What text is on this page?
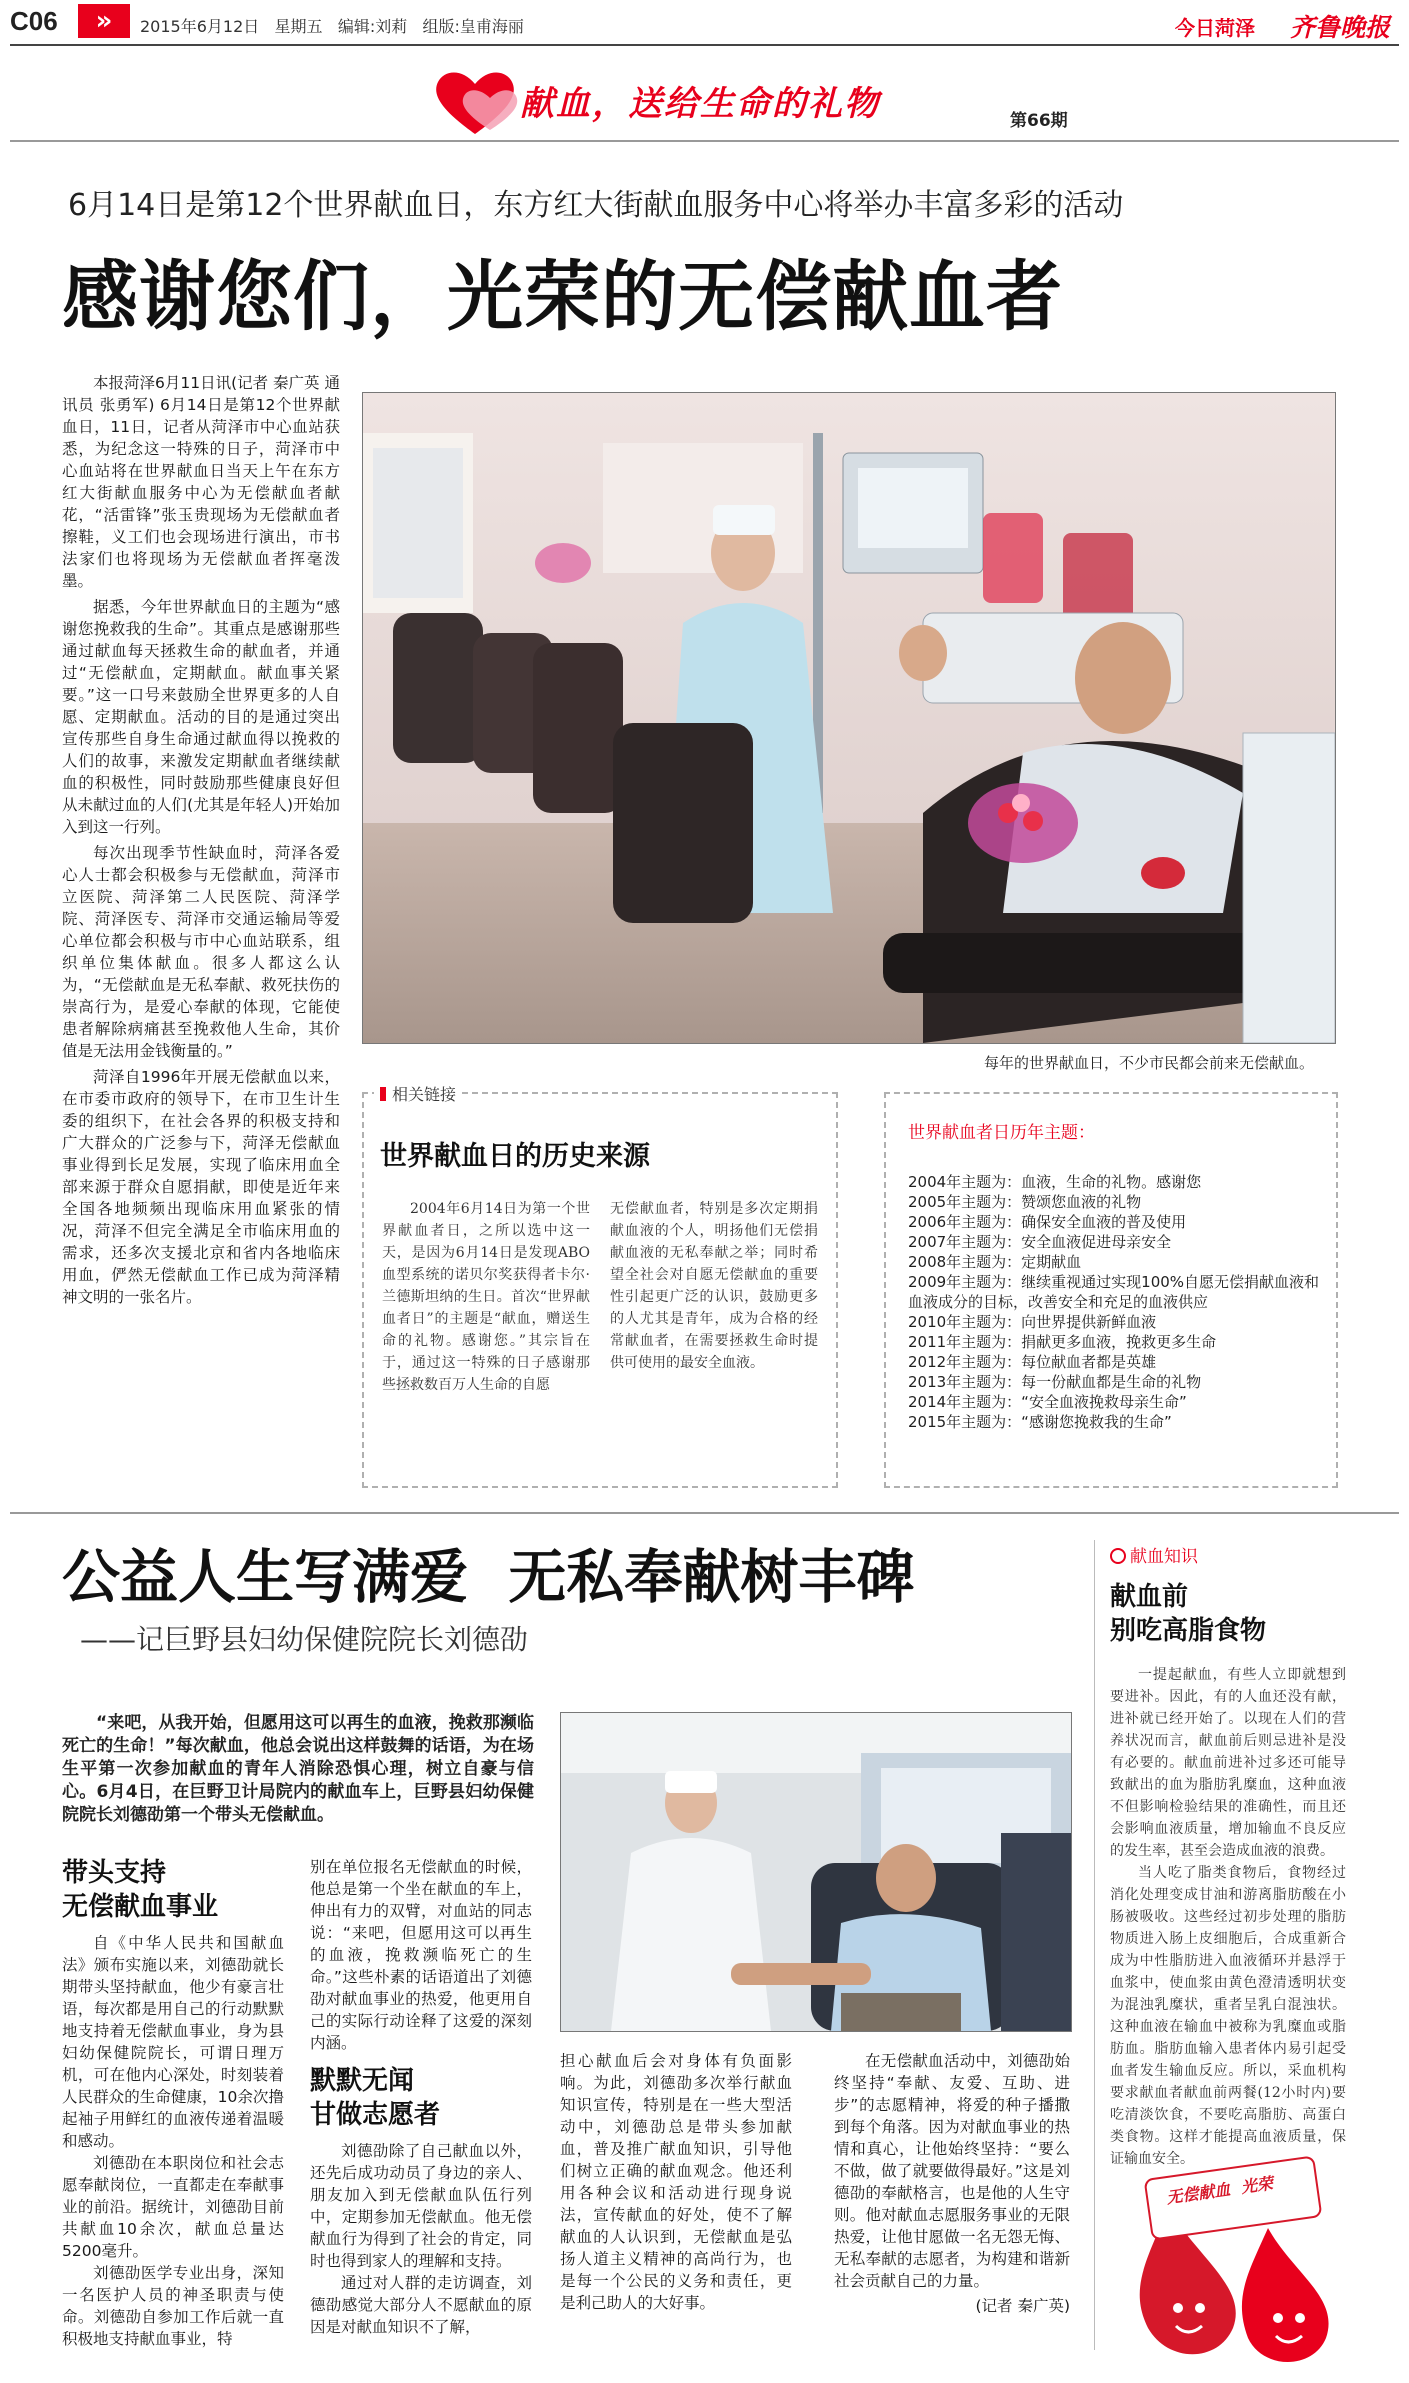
C06	»	2015年6月12日 星期五 编辑:刘莉 组版:皇甫海丽	今日菏泽 齐鲁晚报
献血，送给生命的礼物	第66期
6月14日是第12个世界献血日，东方红大街献血服务中心将举办丰富多彩的活动
感谢您们，光荣的无偿献血者

本报菏泽6月11日讯(记者 秦广英 通讯员 张勇军) 6月14日是第12个世界献血日，11日，记者从菏泽市中心血站获悉，为纪念这一特殊的日子，菏泽市中心血站将在世界献血日当天上午在东方红大街献血服务中心为无偿献血者献花，“活雷锋”张玉贵现场为无偿献血者擦鞋，义工们也会现场进行演出，市书法家们也将现场为无偿献血者挥毫泼墨。

据悉，今年世界献血日的主题为“感谢您挽救我的生命”。其重点是感谢那些通过献血每天拯救生命的献血者，并通过“无偿献血，定期献血。献血事关紧要。”这一口号来鼓励全世界更多的人自愿、定期献血。活动的目的是通过突出宣传那些自身生命通过献血得以挽救的人们的故事，来激发定期献血者继续献血的积极性，同时鼓励那些健康良好但从未献过血的人们(尤其是年轻人)开始加入到这一行列。

每次出现季节性缺血时，菏泽各爱心人士都会积极参与无偿献血，菏泽市立医院、菏泽第二人民医院、菏泽学院、菏泽医专、菏泽市交通运输局等爱心单位都会积极与市中心血站联系，组织单位集体献血。很多人都这么认为，“无偿献血是无私奉献、救死扶伤的崇高行为，是爱心奉献的体现，它能使患者解除病痛甚至挽救他人生命，其价值是无法用金钱衡量的。”

菏泽自1996年开展无偿献血以来，在市委市政府的领导下，在市卫生计生委的组织下，在社会各界的积极支持和广大群众的广泛参与下，菏泽无偿献血事业得到长足发展，实现了临床用血全部来源于群众自愿捐献，即使是近年来全国各地频频出现临床用血紧张的情况，菏泽不但完全满足全市临床用血的需求，还多次支援北京和省内各地临床用血，俨然无偿献血工作已成为菏泽精神文明的一张名片。

每年的世界献血日，不少市民都会前来无偿献血。
相关链接
世界献血日的历史来源

2004年6月14日为第一个世界献血者日，之所以选中这一天，是因为6月14日是发现ABO血型系统的诺贝尔奖获得者卡尔·兰德斯坦纳的生日。首次“世界献血者日”的主题是“献血，赠送生命的礼物。感谢您。”其宗旨在于，通过这一特殊的日子感谢那些拯救数百万人生命的自愿

无偿献血者，特别是多次定期捐献血液的个人，明扬他们无偿捐献血液的无私奉献之举；同时希望全社会对自愿无偿献血的重要性引起更广泛的认识，鼓励更多的人尤其是青年，成为合格的经常献血者，在需要拯救生命时提供可使用的最安全血液。

世界献血者日历年主题：
2004年主题为：血液，生命的礼物。感谢您
2005年主题为：赞颂您血液的礼物
2006年主题为：确保安全血液的普及使用
2007年主题为：安全血液促进母亲安全
2008年主题为：定期献血
2009年主题为：继续重视通过实现100%自愿无偿捐献血液和血液成分的目标，改善安全和充足的血液供应
2010年主题为：向世界提供新鲜血液
2011年主题为：捐献更多血液，挽救更多生命
2012年主题为：每位献血者都是英雄
2013年主题为：每一份献血都是生命的礼物
2014年主题为：“安全血液挽救母亲生命”
2015年主题为：“感谢您挽救我的生命”
公益人生写满爱  无私奉献树丰碑
——记巨野县妇幼保健院院长刘德劭

“来吧，从我开始，但愿用这可以再生的血液，挽救那濒临死亡的生命！”每次献血，他总会说出这样鼓舞的话语，为在场生平第一次参加献血的青年人消除恐惧心理，树立自豪与信心。6月4日，在巨野卫计局院内的献血车上，巨野县妇幼保健院院长刘德劭第一个带头无偿献血。

带头支持
无偿献血事业

自《中华人民共和国献血法》颁布实施以来，刘德劭就长期带头坚持献血，他少有豪言壮语，每次都是用自己的行动默默地支持着无偿献血事业，身为县妇幼保健院院长，可谓日理万机，可在他内心深处，时刻装着人民群众的生命健康，10余次撸起袖子用鲜红的血液传递着温暖和感动。

刘德劭在本职岗位和社会志愿奉献岗位，一直都走在奉献事业的前沿。据统计，刘德劭目前共献血10余次，献血总量达5200毫升。

刘德劭医学专业出身，深知一名医护人员的神圣职责与使命。刘德劭自参加工作后就一直积极地支持献血事业，特

别在单位报名无偿献血的时候，他总是第一个坐在献血的车上，伸出有力的双臂，对血站的同志说：“来吧，但愿用这可以再生的血液，挽救濒临死亡的生命。”这些朴素的话语道出了刘德劭对献血事业的热爱，他更用自己的实际行动诠释了这爱的深刻内涵。

默默无闻
甘做志愿者

刘德劭除了自己献血以外，还先后成功动员了身边的亲人、朋友加入到无偿献血队伍行列中，定期参加无偿献血。他无偿献血行为得到了社会的肯定，同时也得到家人的理解和支持。

通过对人群的走访调查，刘德劭感觉大部分人不愿献血的原因是对献血知识不了解，

担心献血后会对身体有负面影响。为此，刘德劭多次举行献血知识宣传，特别是在一些大型活动中，刘德劭总是带头参加献血，普及推广献血知识，引导他们树立正确的献血观念。他还利用各种会议和活动进行现身说法，宣传献血的好处，使不了解献血的人认识到，无偿献血是弘扬人道主义精神的高尚行为，也是每一个公民的义务和责任，更是利己助人的大好事。

在无偿献血活动中，刘德劭始终坚持“奉献、友爱、互助、进步”的志愿精神，将爱的种子播撒到每个角落。因为对献血事业的热情和真心，让他始终坚持：“要么不做，做了就要做得最好。”这是刘德劭的奉献格言，也是他的人生守则。他对献血志愿服务事业的无限热爱，让他甘愿做一名无怨无悔、无私奉献的志愿者，为构建和谐新社会贡献自己的力量。

(记者 秦广英)
献血知识
献血前
别吃高脂食物

一提起献血，有些人立即就想到要进补。因此，有的人血还没有献，进补就已经开始了。以现在人们的营养状况而言，献血前后则忌进补是没有必要的。献血前进补过多还可能导致献出的血为脂肪乳糜血，这种血液不但影响检验结果的准确性，而且还会影响血液质量，增加输血不良反应的发生率，甚至会造成血液的浪费。

当人吃了脂类食物后，食物经过消化处理变成甘油和游离脂肪酸在小肠被吸收。这些经过初步处理的脂肪物质进入肠上皮细胞后，合成重新合成为中性脂肪进入血液循环并悬浮于血浆中，使血浆由黄色澄清透明状变为混浊乳糜状，重者呈乳白混浊状。这种血液在输血中被称为乳糜血或脂肪血。脂肪血输入患者体内易引起受血者发生输血反应。所以，采血机构要求献血者献血前两餐(12小时内)要吃清淡饮食，不要吃高脂肪、高蛋白类食物。这样才能提高血液质量，保证输血安全。

无偿献血  光荣
